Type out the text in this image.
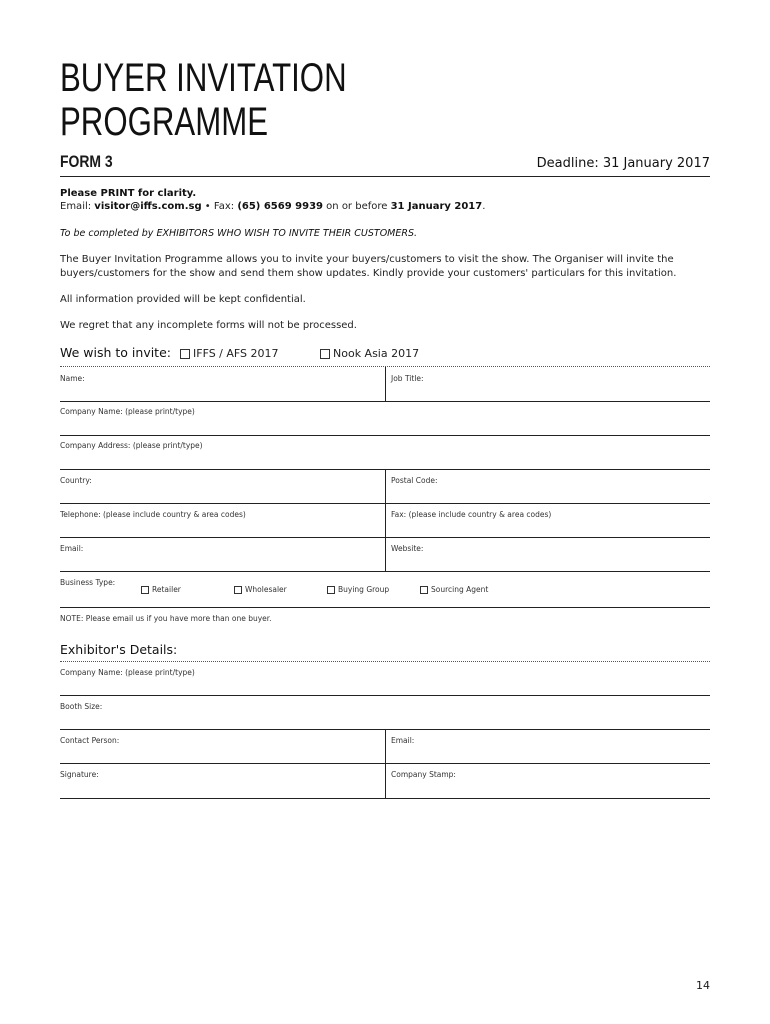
BUYER INVITATION
PROGRAMME
FORM 3	Deadline: 31 January 2017
Please PRINT for clarity.
Email: visitor@iffs.com.sg • Fax: (65) 6569 9939 on or before 31 January 2017.
To be completed by EXHIBITORS WHO WISH TO INVITE THEIR CUSTOMERS.
The Buyer Invitation Programme allows you to invite your buyers/customers to visit the show. The Organiser will invite the
buyers/customers for the show and send them show updates. Kindly provide your customers' particulars for this invitation.
All information provided will be kept confidential.
We regret that any incomplete forms will not be processed.
We wish to invite:	IFFS / AFS 2017	Nook Asia 2017
Name:	Job Title:
Company Name: (please print/type)
Company Address: (please print/type)
Country:	Postal Code:
Telephone: (please include country & area codes)	Fax: (please include country & area codes)
Email:	Website:
Business Type:
Retailer	Wholesaler	Buying Group	Sourcing Agent
NOTE: Please email us if you have more than one buyer.
Exhibitor's Details:
Company Name: (please print/type)
Booth Size:
Contact Person:	Email:
Signature:	Company Stamp:
14
